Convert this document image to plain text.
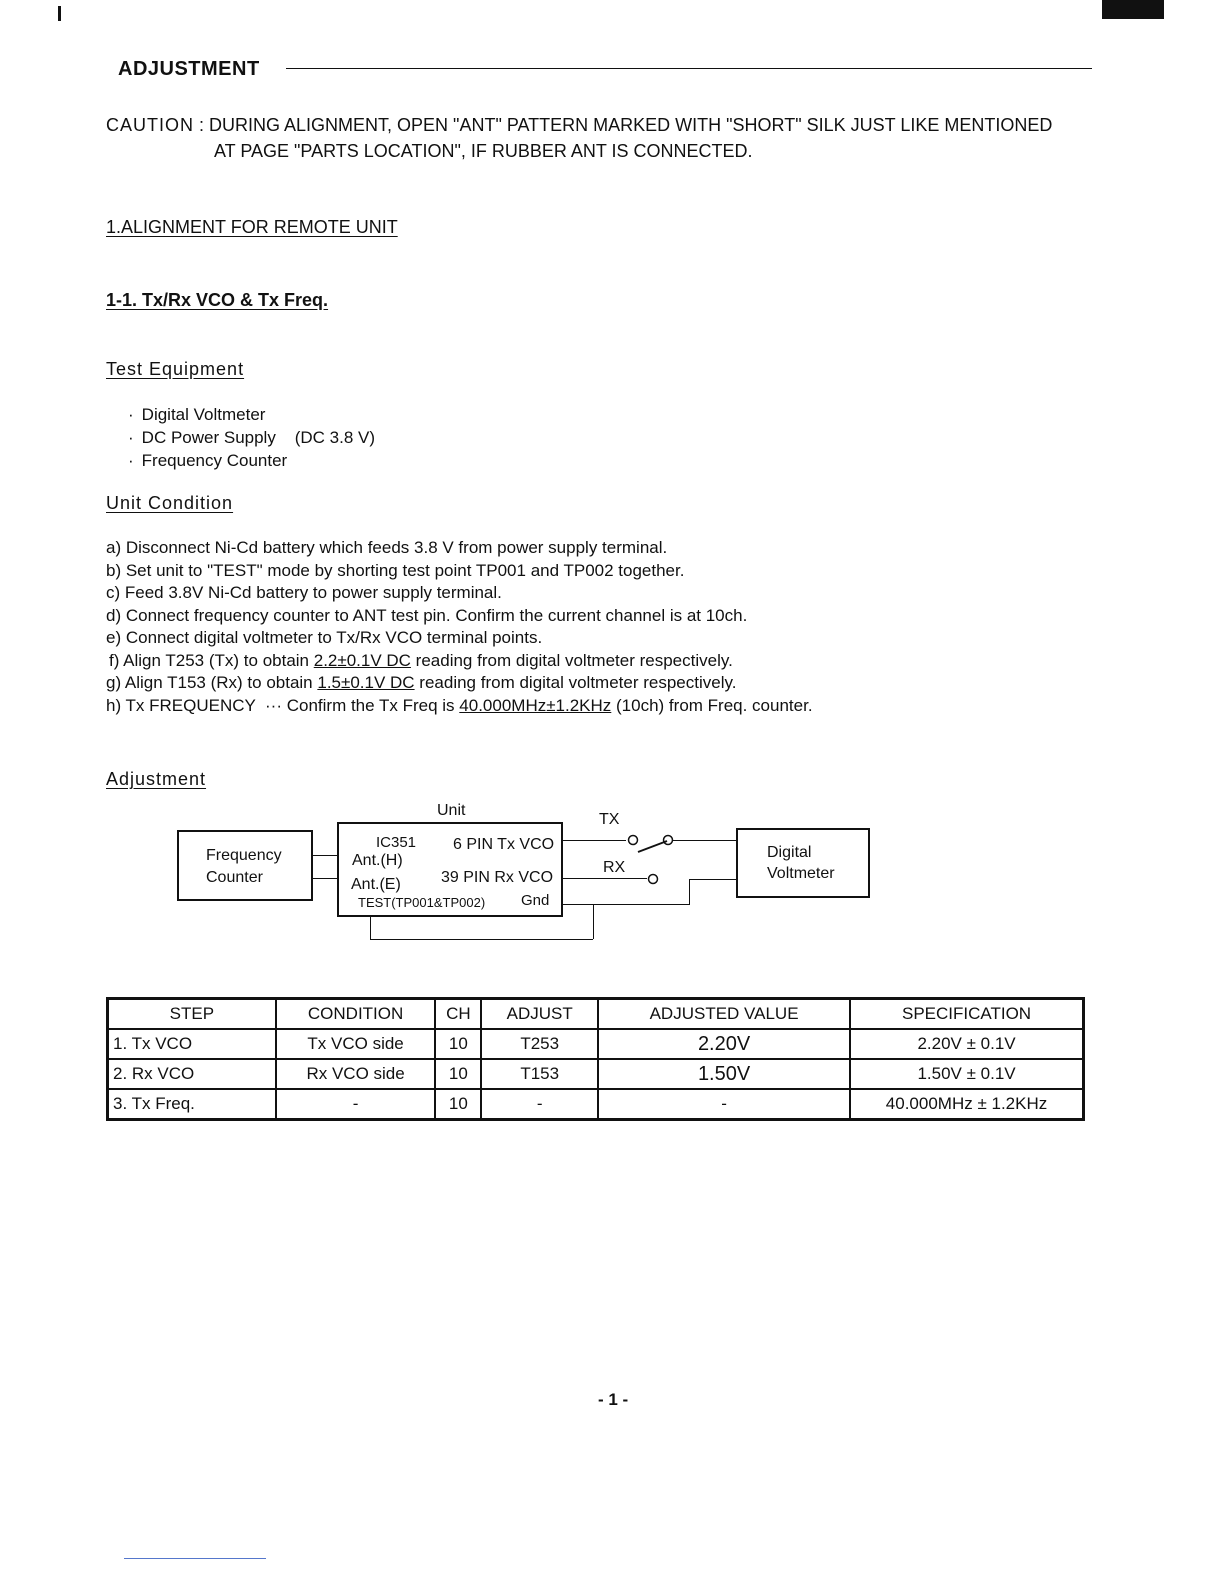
ADJUSTMENT
CAUTION : DURING ALIGNMENT, OPEN "ANT" PATTERN MARKED WITH "SHORT" SILK JUST LIKE MENTIONED
AT PAGE "PARTS LOCATION", IF RUBBER ANT IS CONNECTED.
1.ALIGNMENT FOR REMOTE UNIT
1-1. Tx/Rx VCO & Tx Freq.
Test Equipment
· Digital Voltmeter
· DC Power Supply    (DC 3.8 V)
· Frequency Counter
Unit Condition
a) Disconnect Ni-Cd battery which feeds 3.8 V from power supply terminal.
b) Set unit to "TEST" mode by shorting test point TP001 and TP002 together.
c) Feed 3.8V Ni-Cd battery to power supply terminal.
d) Connect frequency counter to ANT test pin. Confirm the current channel is at 10ch.
e) Connect digital voltmeter to Tx/Rx VCO terminal points.
f) Align T253 (Tx) to obtain 2.2±0.1V DC reading from digital voltmeter respectively.
g) Align T153 (Rx) to obtain 1.5±0.1V DC reading from digital voltmeter respectively.
h) Tx FREQUENCY  ··· Confirm the Tx Freq is 40.000MHz±1.2KHz (10ch) from Freq. counter.
Adjustment
Frequency
Counter
Unit
IC351 6 PIN Tx VCO
Ant.(H)
Ant.(E)	39 PIN Rx VCO
TEST(TP001&TP002) Gnd
TX
RX
Digital
Voltmeter
STEP	CONDITION	CH	ADJUST	ADJUSTED VALUE	SPECIFICATION
1. Tx VCO	Tx VCO side	10	T253	2.20V	2.20V ± 0.1V
2. Rx VCO	Rx VCO side	10	T153	1.50V	1.50V ± 0.1V
3. Tx Freq.	-	10	-	-	40.000MHz ± 1.2KHz
- 1 -
